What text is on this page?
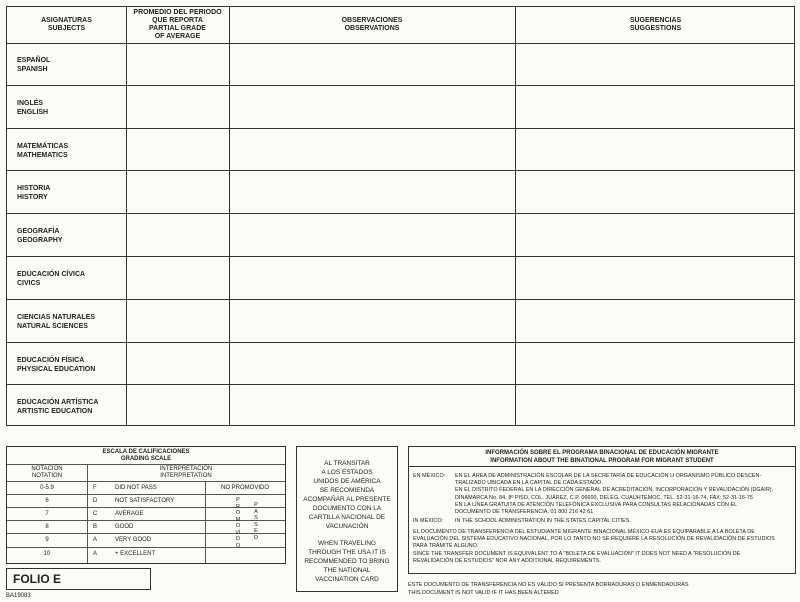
ASIGNATURAS
SUBJECTS
PROMEDIO DEL PERIODO
QUE REPORTA
PARTIAL GRADE
OF AVERAGE
OBSERVACIONES
OBSERVATIONS
SUGERENCIAS
SUGGESTIONS
ESPAÑOL
SPANISH
INGLÉS
ENGLISH
MATEMÁTICAS
MATHEMATICS
HISTORIA
HISTORY
GEOGRAFÍA
GEOGRAPHY
EDUCACIÓN CÍVICA
CIVICS
CIENCIAS NATURALES
NATURAL SCIENCES
EDUCACIÓN FÍSICA
PHYSICAL EDUCATION
EDUCACIÓN ARTÍSTICA
ARTISTIC EDUCATION
ESCALA DE CALIFICACIONES
GRADING SCALE
NOTACIÓN
NOTATION
INTERPRETACIÓN
INTERPRETATION
0-5.9	F	DID NOT PASS	NO PROMOVIDO
6	D	NOT SATISFACTORY
7	C	AVERAGE
8	B	GOOD
9	A	VERY GOOD
10	A	+ EXCELLENT
PROMOVIDO
PASSED
FOLIO E
BA19083
AL TRANSITAR
A LOS ESTADOS
UNIDOS DE AMÉRICA
SE RECOMIENDA
ACOMPAÑAR AL PRESENTE
DOCUMENTO CON LA
CARTILLA NACIONAL DE
VACUNACIÓN
WHEN TRAVELING
THROUGH THE USA IT IS
RECOMMENDED TO BRING
THE NATIONAL
VACCINATION CARD
INFORMACIÓN SOBRE EL PROGRAMA BINACIONAL DE EDUCACIÓN MIGRANTE
INFORMATION ABOUT THE BINATIONAL PROGRAM FOR MIGRANT STUDENT
EN MÉXICO: EN EL ÁREA DE ADMINISTRACIÓN ESCOLAR DE LA SECRETARÍA DE EDUCACIÓN U ORGANISMO PÚBLICO DESCEN-
TRALIZADO UBICADA EN LA CAPITAL DE CADA ESTADO.
EN EL DISTRITO FEDERAL EN LA DIRECCIÓN GENERAL DE ACREDITACIÓN, INCORPORACIÓN Y REVALIDACIÓN (DGAIR),
DINAMARCA No. 84, 8º PISO, COL. JUÁREZ, C.P. 06600, DELEG. CUAUHTÉMOC, TEL. 52-31-16-74, FAX: 52-31-16-75
EN LA LÍNEA GRATUITA DE ATENCIÓN TELEFÓNICA EXCLUSIVA PARA CONSULTAS RELACIONADAS CON EL
DOCUMENTO DE TRANSFERENCIA, 01 800 216 42 61
IN MEXICO: IN THE SCHOOL ADMINISTRATION IN THE STATES CAPITAL CITIES.
EL DOCUMENTO DE TRANSFERENCIA DEL ESTUDIANTE MIGRANTE BINACIONAL MÉXICO-EUA ES EQUIPARABLE A LA BOLETA DE
EVALUACIÓN DEL SISTEMA EDUCATIVO NACIONAL, POR LO TANTO NO SE REQUIERE LA RESOLUCIÓN DE REVALIDACIÓN DE ESTUDIOS
PARA TRÁMITE ALGUNO.
SINCE THE TRANSFER DOCUMENT IS EQUIVALENT TO A "BOLETA DE EVALUACIÓN" IT DOES NOT NEED A "RESOLUCIÓN DE
REVALIDACIÓN DE ESTUDIOS" NOR ANY ADDITIONAL REQUIREMENTS.
ESTE DOCUMENTO DE TRANSFERENCIA NO ES VÁLIDO SI PRESENTA BORRADURAS O ENMENDADURAS
THIS DOCUMENT IS NOT VALID IF IT HAS BEEN ALTERED
